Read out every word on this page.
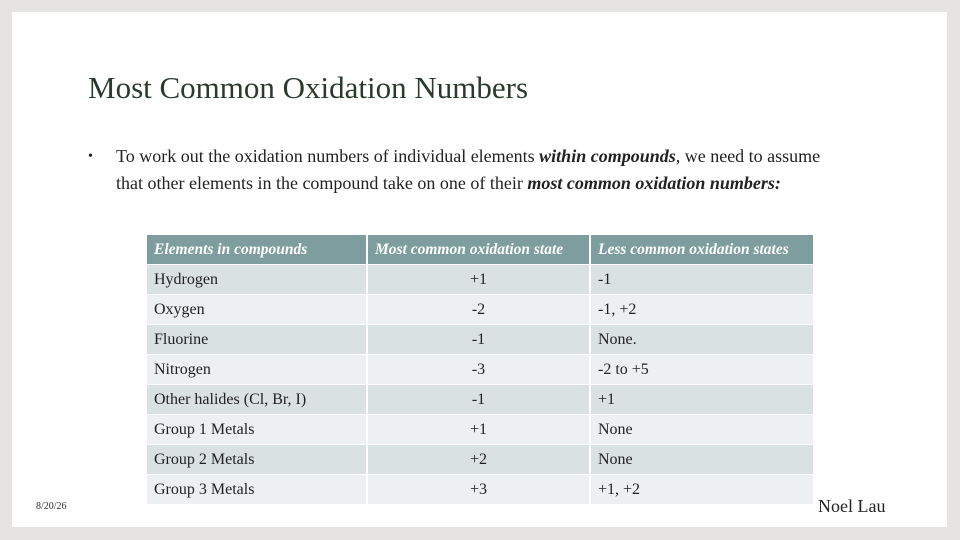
Most Common Oxidation Numbers
• To work out the oxidation numbers of individual elements within compounds, we need to assume that other elements in the compound take on one of their most common oxidation numbers:
Elements in compounds	Most common oxidation state	Less common oxidation states
Hydrogen	+1	-1
Oxygen	-2	-1, +2
Fluorine	-1	None.
Nitrogen	-3	-2 to +5
Other halides (Cl, Br, I)	-1	+1
Group 1 Metals	+1	None
Group 2 Metals	+2	None
Group 3 Metals	+3	+1, +2
8/20/26	Noel Lau
